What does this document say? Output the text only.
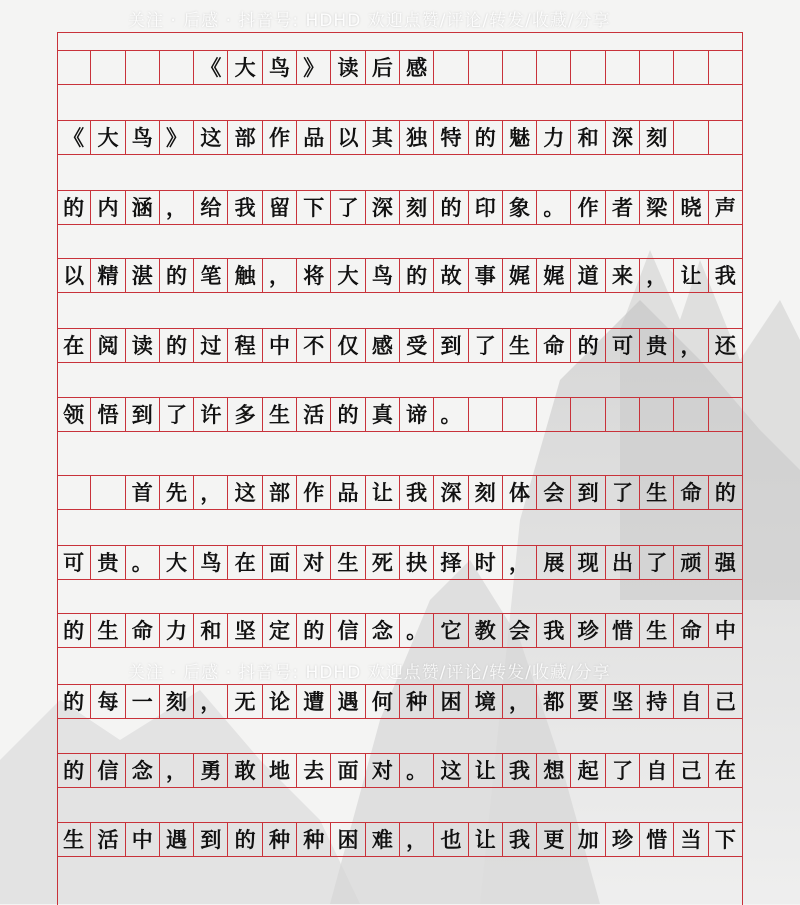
关注 · 后感 · 抖音号: HDHD 欢迎点赞/评论/转发/收藏/分享
关注 · 后感 · 抖音号: HDHD 欢迎点赞/评论/转发/收藏/分享
《 大 鸟 》 读 后 感
《 大 鸟 》 这 部 作 品 以 其 独 特 的 魅 力 和 深 刻
的 内 涵 ， 给 我 留 下 了 深 刻 的 印 象 。 作 者 梁 晓 声
以 精 湛 的 笔 触 ， 将 大 鸟 的 故 事 娓 娓 道 来 ， 让 我
在 阅 读 的 过 程 中 不 仅 感 受 到 了 生 命 的 可 贵 ， 还
领 悟 到 了 许 多 生 活 的 真 谛 。
首 先 ， 这 部 作 品 让 我 深 刻 体 会 到 了 生 命 的
可 贵 。 大 鸟 在 面 对 生 死 抉 择 时 ， 展 现 出 了 顽 强
的 生 命 力 和 坚 定 的 信 念 。 它 教 会 我 珍 惜 生 命 中
的 每 一 刻 ， 无 论 遭 遇 何 种 困 境 ， 都 要 坚 持 自 己
的 信 念 ， 勇 敢 地 去 面 对 。 这 让 我 想 起 了 自 己 在
生 活 中 遇 到 的 种 种 困 难 ， 也 让 我 更 加 珍 惜 当 下
